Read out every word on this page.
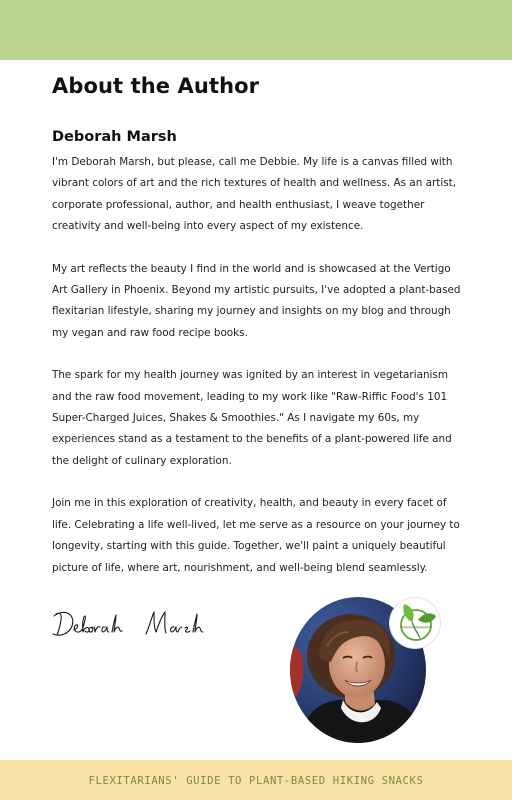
About the Author
Deborah Marsh

I'm Deborah Marsh, but please, call me Debbie. My life is a canvas filled with vibrant colors of art and the rich textures of health and wellness. As an artist, corporate professional, author, and health enthusiast, I weave together creativity and well-being into every aspect of my existence.

My art reflects the beauty I find in the world and is showcased at the Vertigo Art Gallery in Phoenix. Beyond my artistic pursuits, I've adopted a plant-based flexitarian lifestyle, sharing my journey and insights on my blog and through my vegan and raw food recipe books.

The spark for my health journey was ignited by an interest in vegetarianism and the raw food movement, leading to my work like "Raw-Riffic Food's 101 Super-Charged Juices, Shakes & Smoothies." As I navigate my 60s, my experiences stand as a testament to the benefits of a plant-powered life and the delight of culinary exploration.

Join me in this exploration of creativity, health, and beauty in every facet of life. Celebrating a life well-lived, let me serve as a resource on your journey to longevity, starting with this guide. Together, we'll paint a uniquely beautiful picture of life, where art, nourishment, and well-being blend seamlessly.

FLEXITARIANS' GUIDE TO PLANT-BASED HIKING SNACKS
